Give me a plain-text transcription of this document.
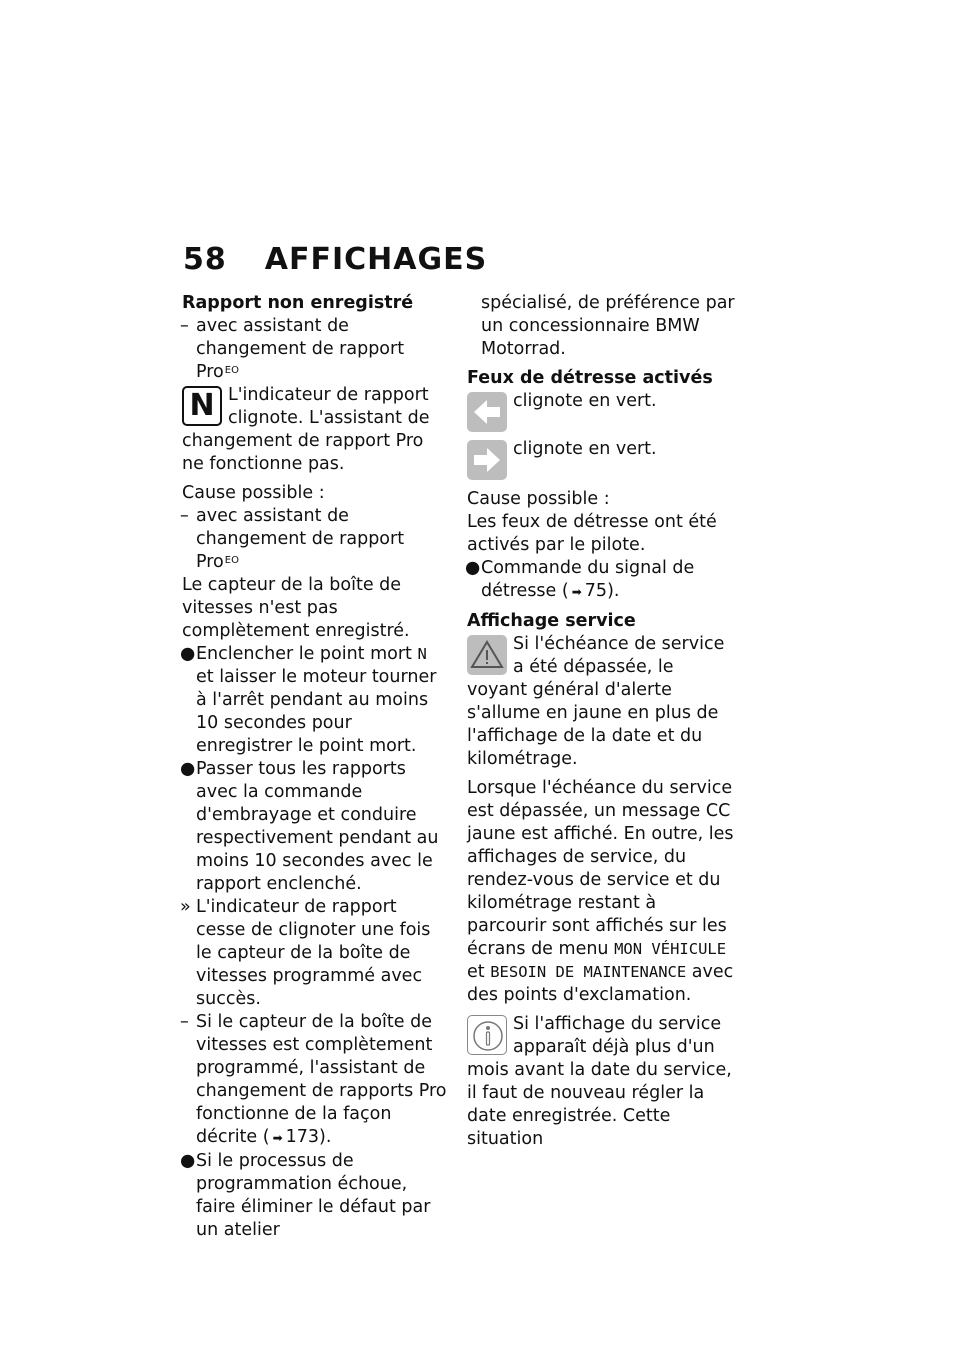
58 AFFICHAGES
Rapport non enregistré

– avec assistant de changement de rapport Pro$^{EO}$

N L'indicateur de rapport clignote. L'assistant de changement de rapport Pro ne fonctionne pas.

Cause possible :

– avec assistant de changement de rapport Pro$^{EO}$

Le capteur de la boîte de vitesses n'est pas complètement enregistré.

● Enclencher le point mort N et laisser le moteur tourner à l'arrêt pendant au moins 10 secondes pour enregistrer le point mort.

● Passer tous les rapports avec la commande d'embrayage et conduire respectivement pendant au moins 10 secondes avec le rapport enclenché.

» L'indicateur de rapport cesse de clignoter une fois le capteur de la boîte de vitesses programmé avec succès.

– Si le capteur de la boîte de vitesses est complètement programmé, l'assistant de changement de rapports Pro fonctionne de la façon décrite ( ➡ 173).

● Si le processus de programmation échoue, faire éliminer le défaut par un atelier

spécialisé, de préférence par un concessionnaire BMW Motorrad.

Feux de détresse activés

clignote en vert.

clignote en vert.

Cause possible :

Les feux de détresse ont été activés par le pilote.

● Commande du signal de détresse ( ➡ 75).

Affichage service

Si l'échéance de service a été dépassée, le voyant général d'alerte s'allume en jaune en plus de l'affichage de la date et du kilométrage.

Lorsque l'échéance du service est dépassée, un message CC jaune est affiché. En outre, les affichages de service, du rendez-vous de service et du kilométrage restant à parcourir sont affichés sur les écrans de menu MON VÉHICULE et BESOIN DE MAINTENANCE avec des points d'exclamation.

Si l'affichage du service apparaît déjà plus d'un mois avant la date du service, il faut de nouveau régler la date enregistrée. Cette situation
